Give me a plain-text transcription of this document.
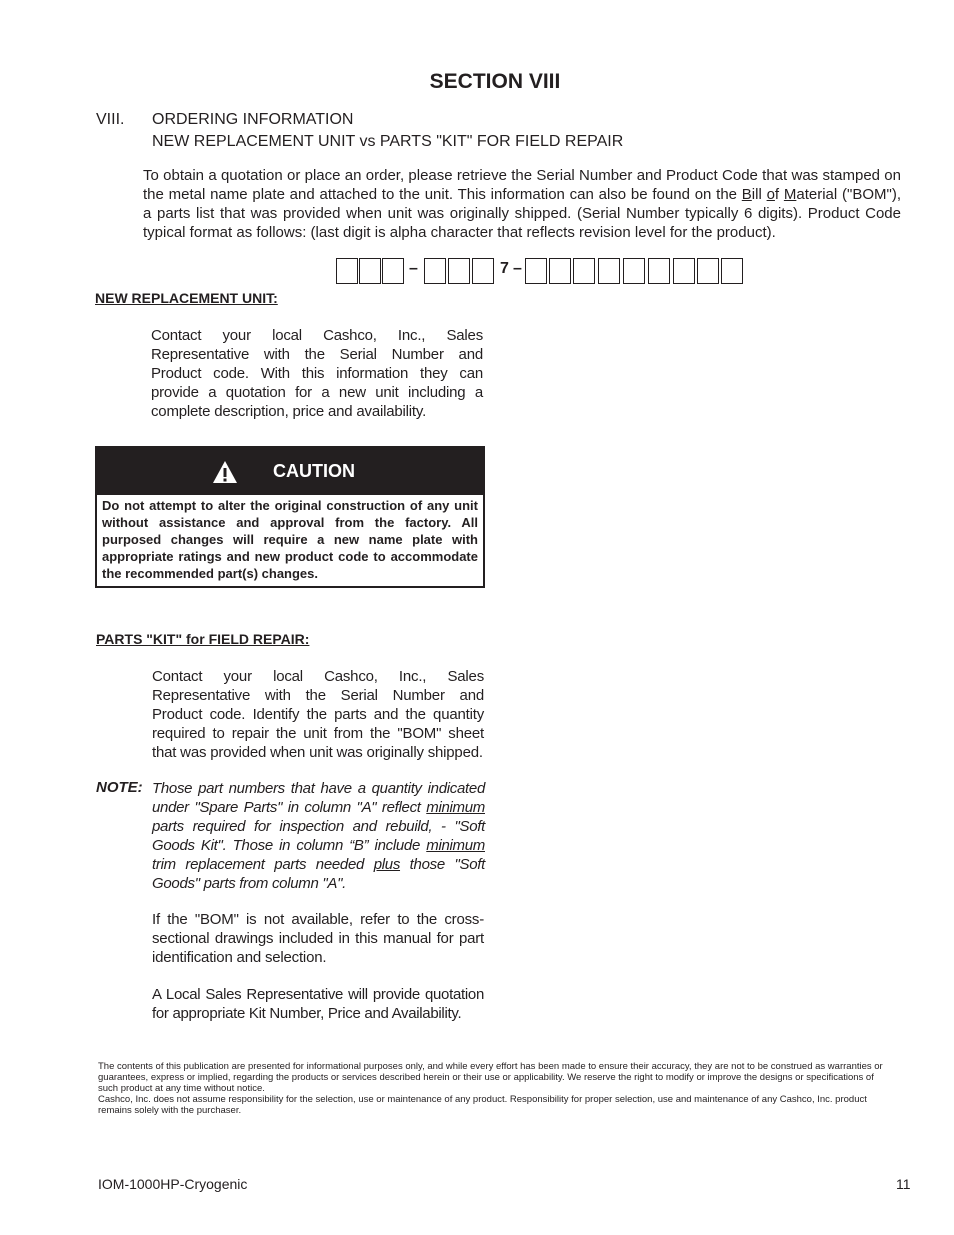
SECTION VIII
VIII. ORDERING INFORMATION
NEW REPLACEMENT UNIT vs PARTS "KIT" FOR FIELD REPAIR
To obtain a quotation or place an order, please retrieve the Serial Number and Product Code that was stamped on the metal name plate and attached to the unit. This information can also be found on the Bill of Material ("BOM"), a parts list that was provided when unit was originally shipped. (Serial Number typically 6 digits). Product Code typical format as follows: (last digit is alpha character that reflects revision level for the product).
–	7 –
NEW REPLACEMENT UNIT:
Contact your local Cashco, Inc., Sales Representative with the Serial Number and Product code. With this information they can provide a quotation for a new unit including a complete description, price and availability.
CAUTION
Do not attempt to alter the original construction of any unit without assistance and approval from the factory. All purposed changes will require a new name plate with appropriate ratings and new product code to accommodate the recommended part(s) changes.
PARTS "KIT" for FIELD REPAIR:
Contact your local Cashco, Inc., Sales Representative with the Serial Number and Product code. Identify the parts and the quantity required to repair the unit from the "BOM" sheet that was provided when unit was originally shipped.
NOTE: Those part numbers that have a quantity indicated under "Spare Parts" in column "A" reflect minimum parts required for inspection and rebuild, - "Soft Goods Kit". Those in column “B” include minimum trim replacement parts needed plus those "Soft Goods" parts from column "A".
If the "BOM" is not available, refer to the cross-sectional drawings included in this manual for part identification and selection.
A Local Sales Representative will provide quotation for appropriate Kit Number, Price and Availability.
The contents of this publication are presented for informational purposes only, and while every effort has been made to ensure their accuracy, they are not to be construed as warranties or guarantees, express or implied, regarding the products or services described herein or their use or applicability. We reserve the right to modify or improve the designs or specifications of such product at any time without notice.
Cashco, Inc. does not assume responsibility for the selection, use or maintenance of any product. Responsibility for proper selection, use and maintenance of any Cashco, Inc. product remains solely with the purchaser.
IOM-1000HP-Cryogenic	11
